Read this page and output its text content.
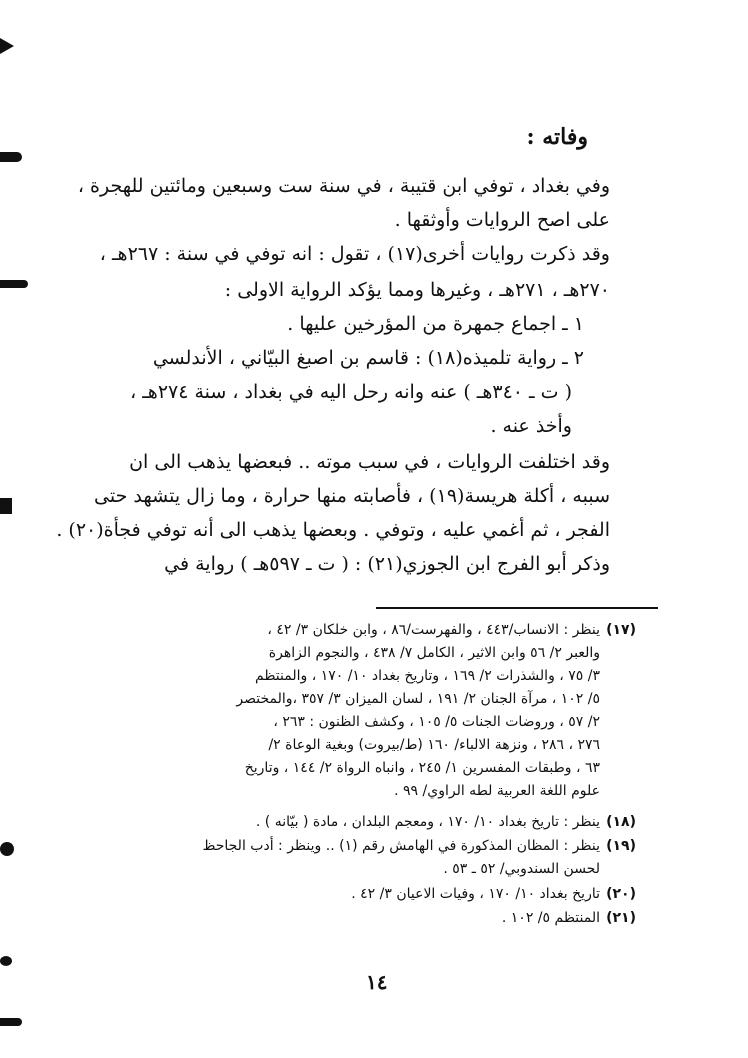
وفاته :
وفي بغداد ، توفي ابن قتيبة ، في سنة ست وسبعين ومائتين للهجرة ،
على اصح الروايات وأوثقها .
وقد ذكرت روايات أخرى(١٧) ، تقول : انه توفي في سنة : ٢٦٧هـ ،
٢٧٠هـ ، ٢٧١هـ ، وغيرها ومما يؤكد الرواية الاولى :
١ ـ اجماع جمهرة من المؤرخين عليها .
٢ ـ رواية تلميذه(١٨) : قاسم بن اصبغ البيّاني ، الأندلسي
( ت ـ ٣٤٠هـ ) عنه وانه رحل اليه في بغداد ، سنة ٢٧٤هـ ،
وأخذ عنه .
وقد اختلفت الروايات ، في سبب موته .. فبعضها يذهب الى ان
سببه ، أكلة هريسة(١٩) ، فأصابته منها حرارة ، وما زال يتشهد حتى
الفجر ، ثم أغمي عليه ، وتوفي . وبعضها يذهب الى أنه توفي فجأة(٢٠) .
وذكر أبو الفرج ابن الجوزي(٢١) : ( ت ـ ٥٩٧هـ ) رواية في
(١٧)
ينظر : الانساب/٤٤٣ ، والفهرست/٨٦ ، وابن خلكان ٣/ ٤٢ ،
والعبر ٢/ ٥٦ وابن الاثير ، الكامل ٧/ ٤٣٨ ، والنجوم الزاهرة
٣/ ٧٥ ، والشذرات ٢/ ١٦٩ ، وتاريخ بغداد ١٠/ ١٧٠ ، والمنتظم
٥/ ١٠٢ ، مرآة الجنان ٢/ ١٩١ ، لسان الميزان ٣/ ٣٥٧ ،والمختصر
٢/ ٥٧ ، وروضات الجنات ٥/ ١٠٥ ، وكشف الظنون : ٢٦٣ ،
٢٧٦ ، ٢٨٦ ، ونزهة الالباء/ ١٦٠ (ط/بيروت) وبغية الوعاة ٢/
٦٣ ، وطبقات المفسرين ١/ ٢٤٥ ، وانباه الرواة ٢/ ١٤٤ ، وتاريخ
علوم اللغة العربية لطه الراوي/ ٩٩ .
(١٨)
ينظر : تاريخ بغداد ١٠/ ١٧٠ ، ومعجم البلدان ، مادة ( بيّانه ) .
(١٩)
ينظر : المظان المذكورة في الهامش رقم (١) .. وينظر : أدب الجاحظ
لحسن السندوبي/ ٥٢ ـ ٥٣ .
(٢٠)
تاريخ بغداد ١٠/ ١٧٠ ، وفيات الاعيان ٣/ ٤٢ .
(٢١)
المنتظم ٥/ ١٠٢ .
١٤
